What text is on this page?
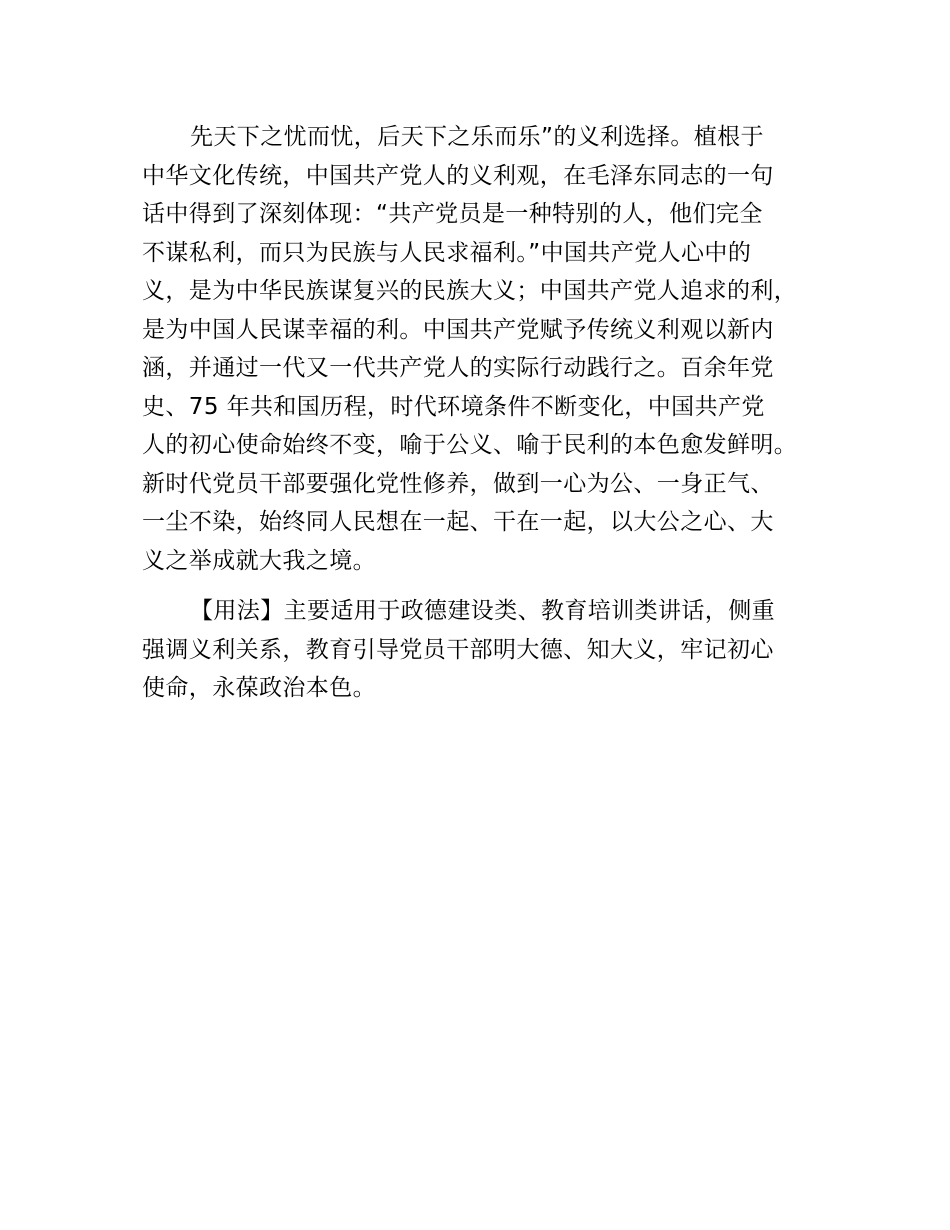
先天下之忧而忧，后天下之乐而乐”的义利选择。植根于
中华文化传统，中国共产党人的义利观，在毛泽东同志的一句
话中得到了深刻体现：“共产党员是一种特别的人，他们完全
不谋私利，而只为民族与人民求福利。”中国共产党人心中的
义，是为中华民族谋复兴的民族大义；中国共产党人追求的利，
是为中国人民谋幸福的利。中国共产党赋予传统义利观以新内
涵，并通过一代又一代共产党人的实际行动践行之。百余年党
史、75 年共和国历程，时代环境条件不断变化，中国共产党
人的初心使命始终不变，喻于公义、喻于民利的本色愈发鲜明。
新时代党员干部要强化党性修养，做到一心为公、一身正气、
一尘不染，始终同人民想在一起、干在一起，以大公之心、大
义之举成就大我之境。

【用法】主要适用于政德建设类、教育培训类讲话，侧重
强调义利关系，教育引导党员干部明大德、知大义，牢记初心
使命，永葆政治本色。
